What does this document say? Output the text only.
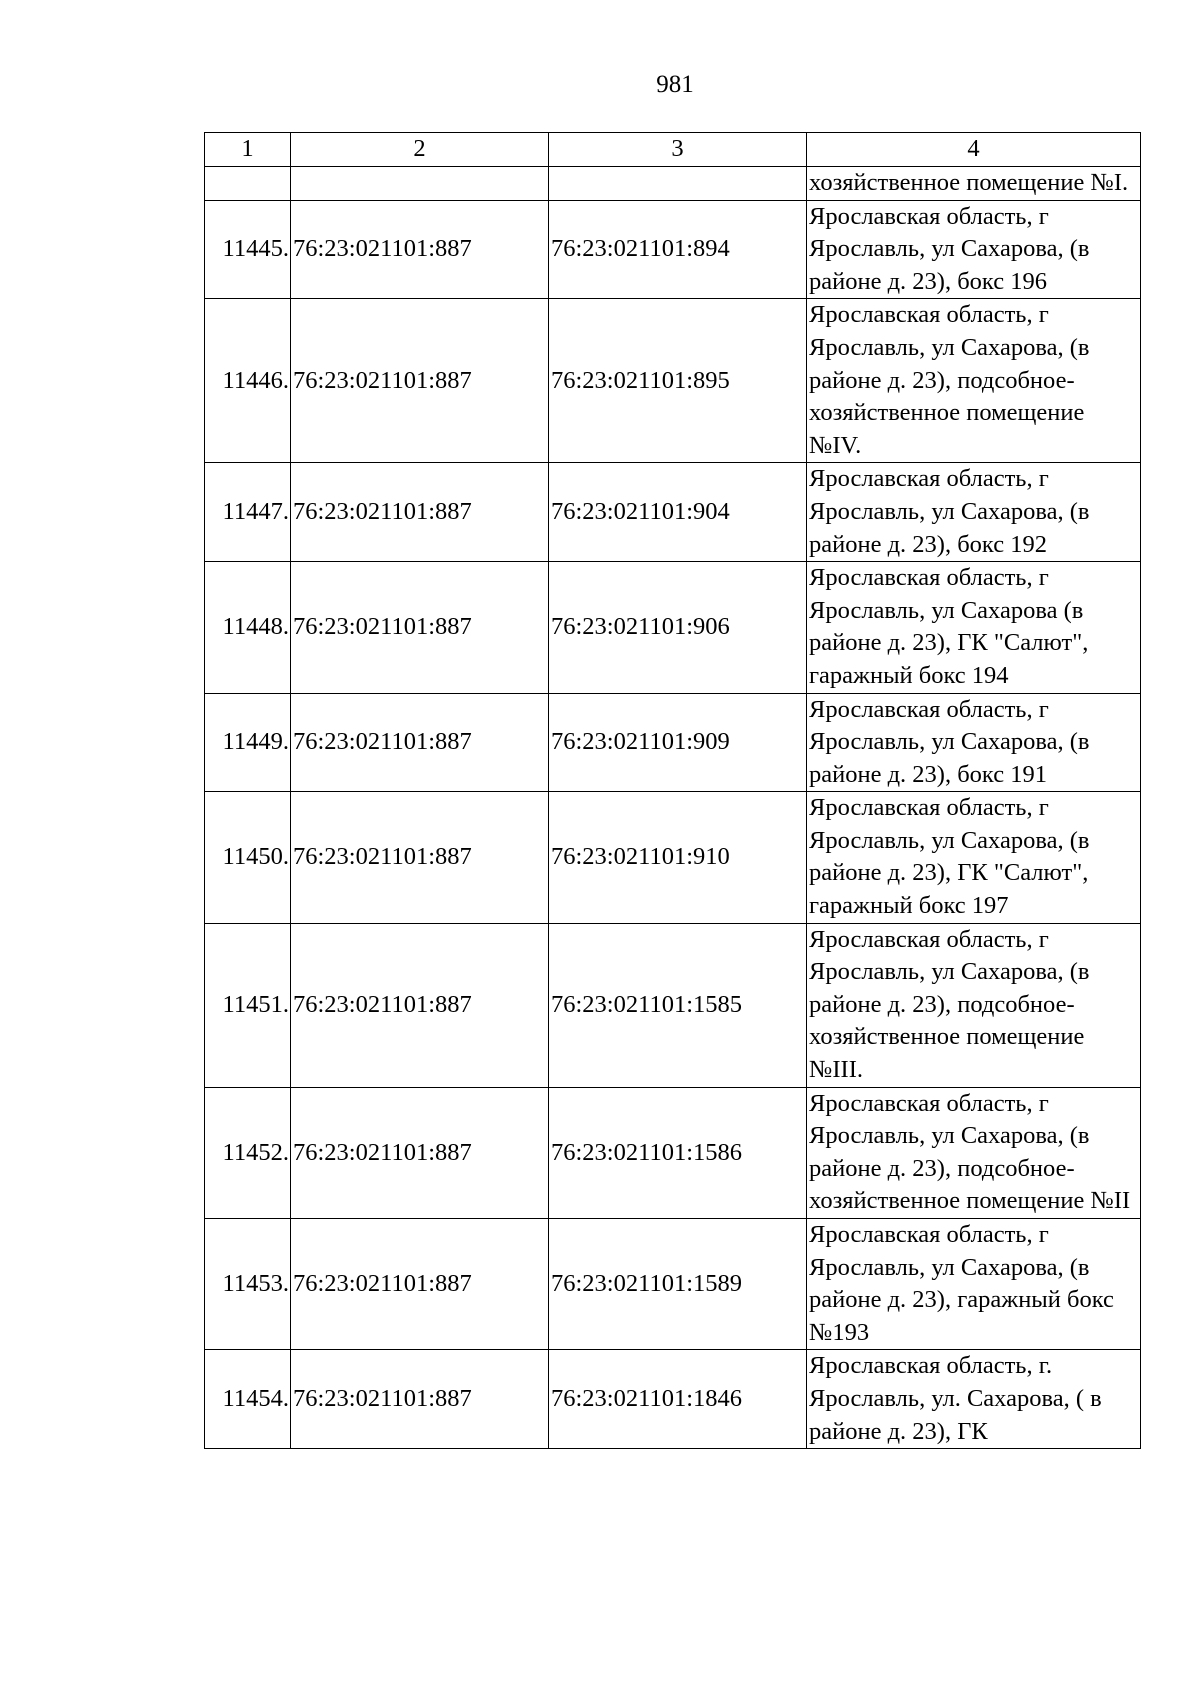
981
1	2	3	4
			хозяйственное помещение №I.
11445.	76:23:021101:887	76:23:021101:894	Ярославская область, г Ярославль, ул Сахарова, (в районе д. 23), бокс 196
11446.	76:23:021101:887	76:23:021101:895	Ярославская область, г Ярославль, ул Сахарова, (в районе д. 23), подсобное-хозяйственное помещение №IV.
11447.	76:23:021101:887	76:23:021101:904	Ярославская область, г Ярославль, ул Сахарова, (в районе д. 23), бокс 192
11448.	76:23:021101:887	76:23:021101:906	Ярославская область, г Ярославль, ул Сахарова (в районе д. 23), ГК "Салют", гаражный бокс 194
11449.	76:23:021101:887	76:23:021101:909	Ярославская область, г Ярославль, ул Сахарова, (в районе д. 23), бокс 191
11450.	76:23:021101:887	76:23:021101:910	Ярославская область, г Ярославль, ул Сахарова, (в районе д. 23), ГК "Салют", гаражный бокс 197
11451.	76:23:021101:887	76:23:021101:1585	Ярославская область, г Ярославль, ул Сахарова, (в районе д. 23), подсобное-хозяйственное помещение №III.
11452.	76:23:021101:887	76:23:021101:1586	Ярославская область, г Ярославль, ул Сахарова, (в районе д. 23), подсобное-хозяйственное помещение №II
11453.	76:23:021101:887	76:23:021101:1589	Ярославская область, г Ярославль, ул Сахарова, (в районе д. 23), гаражный бокс №193
11454.	76:23:021101:887	76:23:021101:1846	Ярославская область, г. Ярославль, ул. Сахарова, ( в районе д. 23), ГК
